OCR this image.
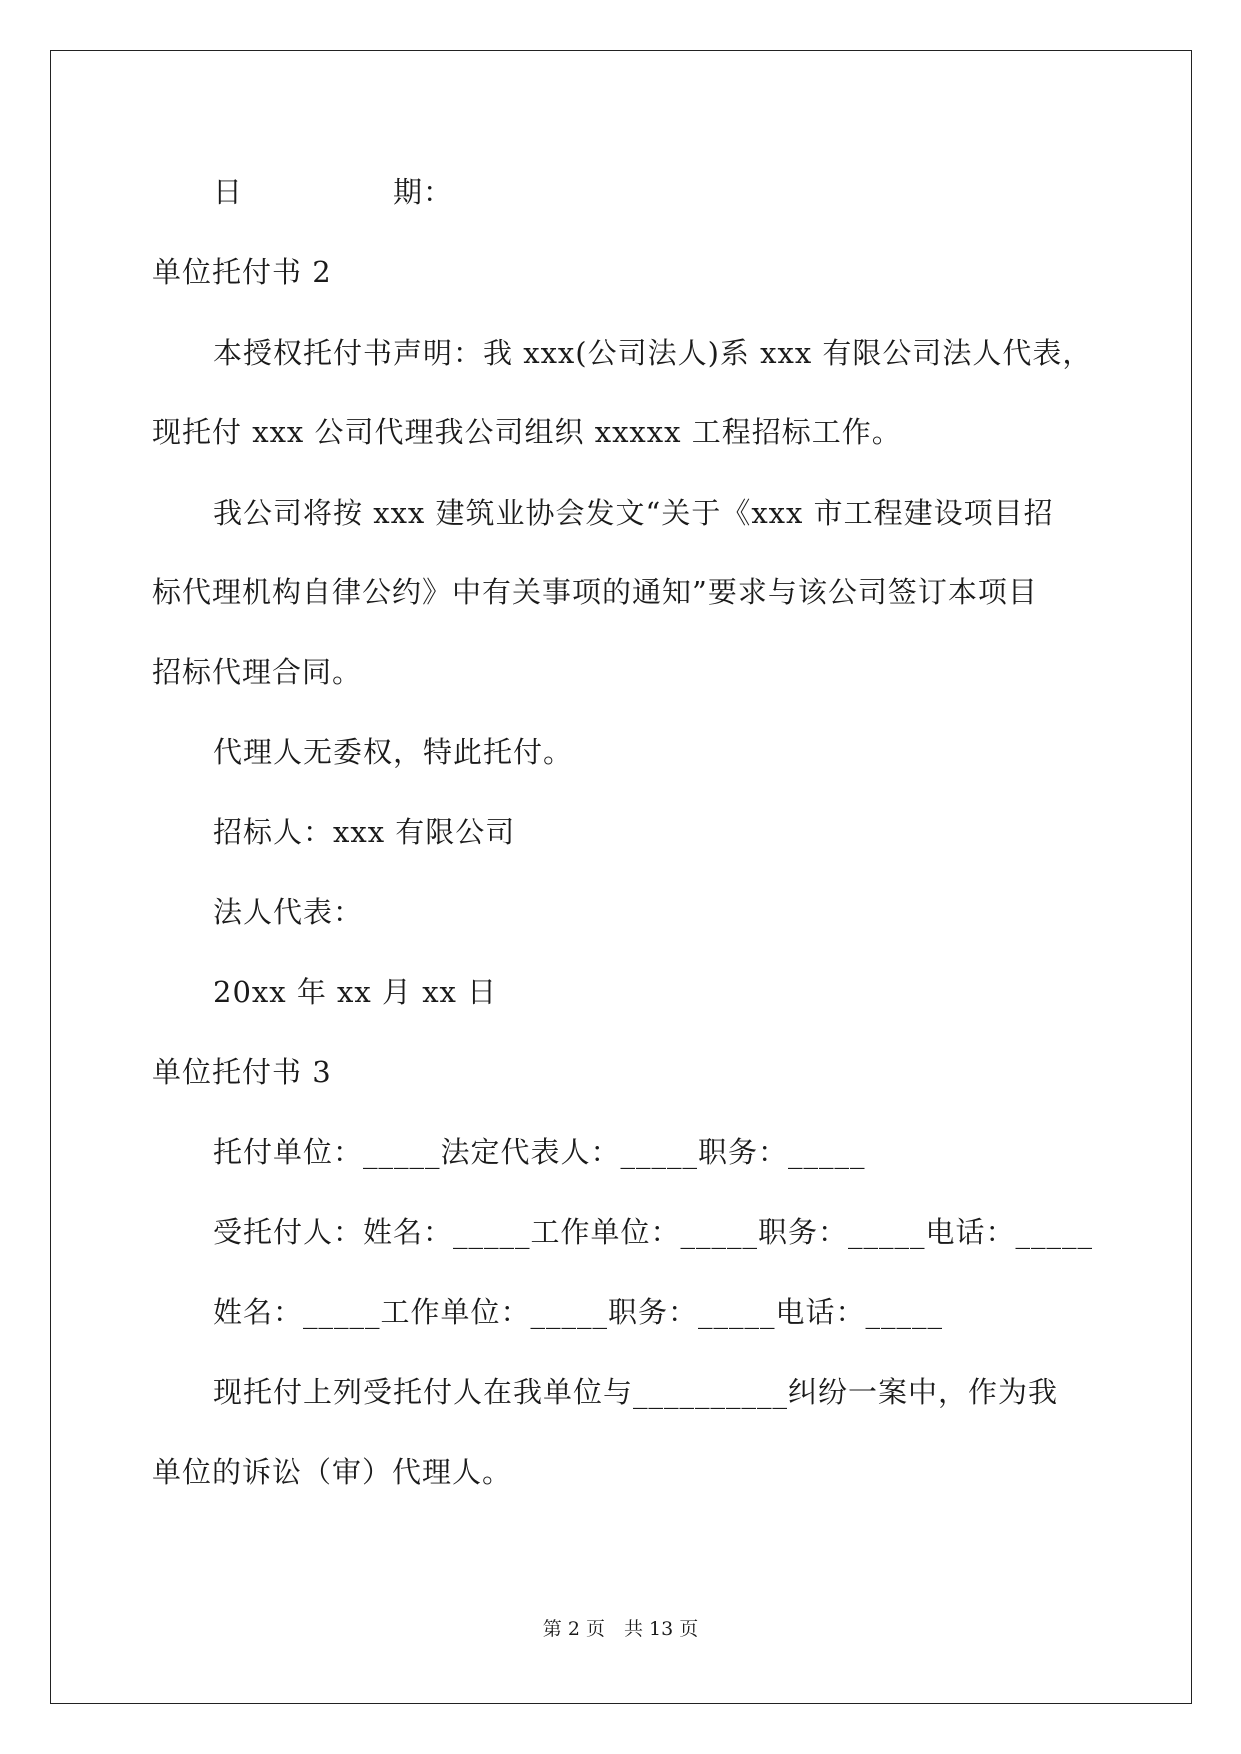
日　　　　　期：
单位托付书 2
本授权托付书声明：我 xxx(公司法人)系 xxx 有限公司法人代表，
现托付 xxx 公司代理我公司组织 xxxxx 工程招标工作。
我公司将按 xxx 建筑业协会发文“关于《xxx 市工程建设项目招
标代理机构自律公约》中有关事项的通知”要求与该公司签订本项目
招标代理合同。
代理人无委权，特此托付。
招标人：xxx 有限公司
法人代表：
20xx 年 xx 月 xx 日
单位托付书 3
托付单位：_____法定代表人：_____职务：_____
受托付人：姓名：_____工作单位：_____职务：_____电话：_____
姓名：_____工作单位：_____职务：_____电话：_____
现托付上列受托付人在我单位与__________纠纷一案中，作为我
单位的诉讼（审）代理人。
第 2 页　共 13 页
